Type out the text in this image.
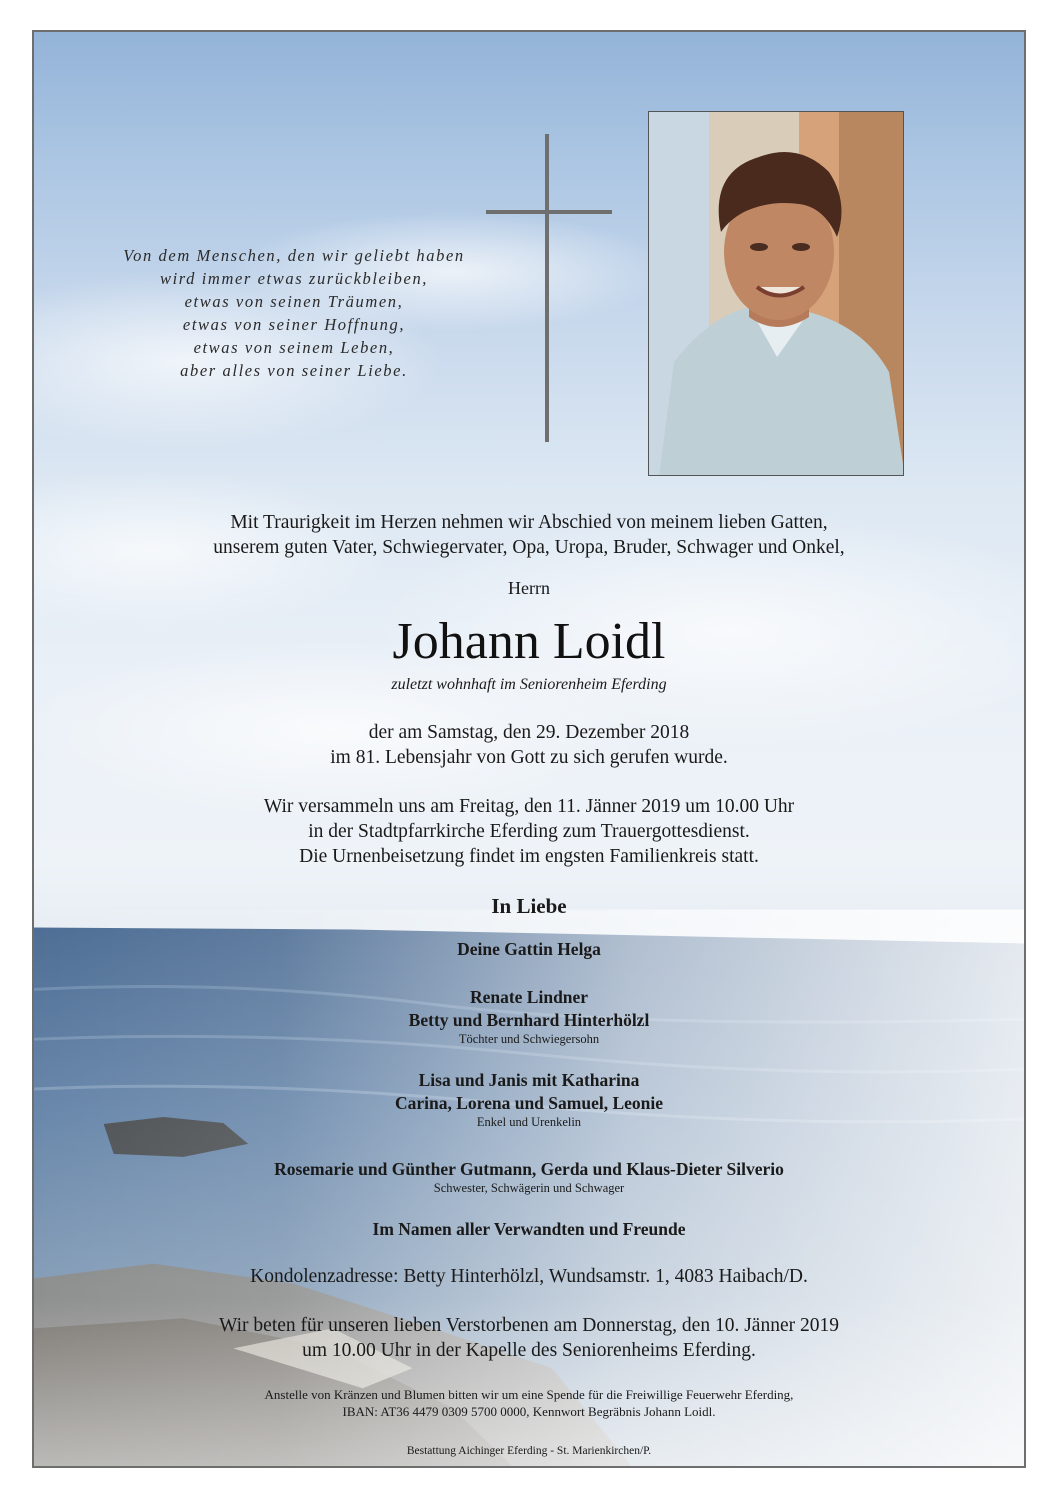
Von dem Menschen, den wir geliebt haben
wird immer etwas zurückbleiben,
etwas von seinen Träumen,
etwas von seiner Hoffnung,
etwas von seinem Leben,
aber alles von seiner Liebe.
Mit Traurigkeit im Herzen nehmen wir Abschied von meinem lieben Gatten,
unserem guten Vater, Schwiegervater, Opa, Uropa, Bruder, Schwager und Onkel,
Herrn
Johann Loidl
zuletzt wohnhaft im Seniorenheim Eferding
der am Samstag, den 29. Dezember 2018
im 81. Lebensjahr von Gott zu sich gerufen wurde.
Wir versammeln uns am Freitag, den 11. Jänner 2019 um 10.00 Uhr
in der Stadtpfarrkirche Eferding zum Trauergottesdienst.
Die Urnenbeisetzung findet im engsten Familienkreis statt.
In Liebe
Deine Gattin Helga
Renate Lindner
Betty und Bernhard Hinterhölzl
Töchter und Schwiegersohn
Lisa und Janis mit Katharina
Carina, Lorena und Samuel, Leonie
Enkel und Urenkelin
Rosemarie und Günther Gutmann, Gerda und Klaus-Dieter Silverio
Schwester, Schwägerin und Schwager
Im Namen aller Verwandten und Freunde
Kondolenzadresse: Betty Hinterhölzl, Wundsamstr. 1, 4083 Haibach/D.
Wir beten für unseren lieben Verstorbenen am Donnerstag, den 10. Jänner 2019
um 10.00 Uhr in der Kapelle des Seniorenheims Eferding.
Anstelle von Kränzen und Blumen bitten wir um eine Spende für die Freiwillige Feuerwehr Eferding,
IBAN: AT36 4479 0309 5700 0000, Kennwort Begräbnis Johann Loidl.
Bestattung Aichinger Eferding - St. Marienkirchen/P.
